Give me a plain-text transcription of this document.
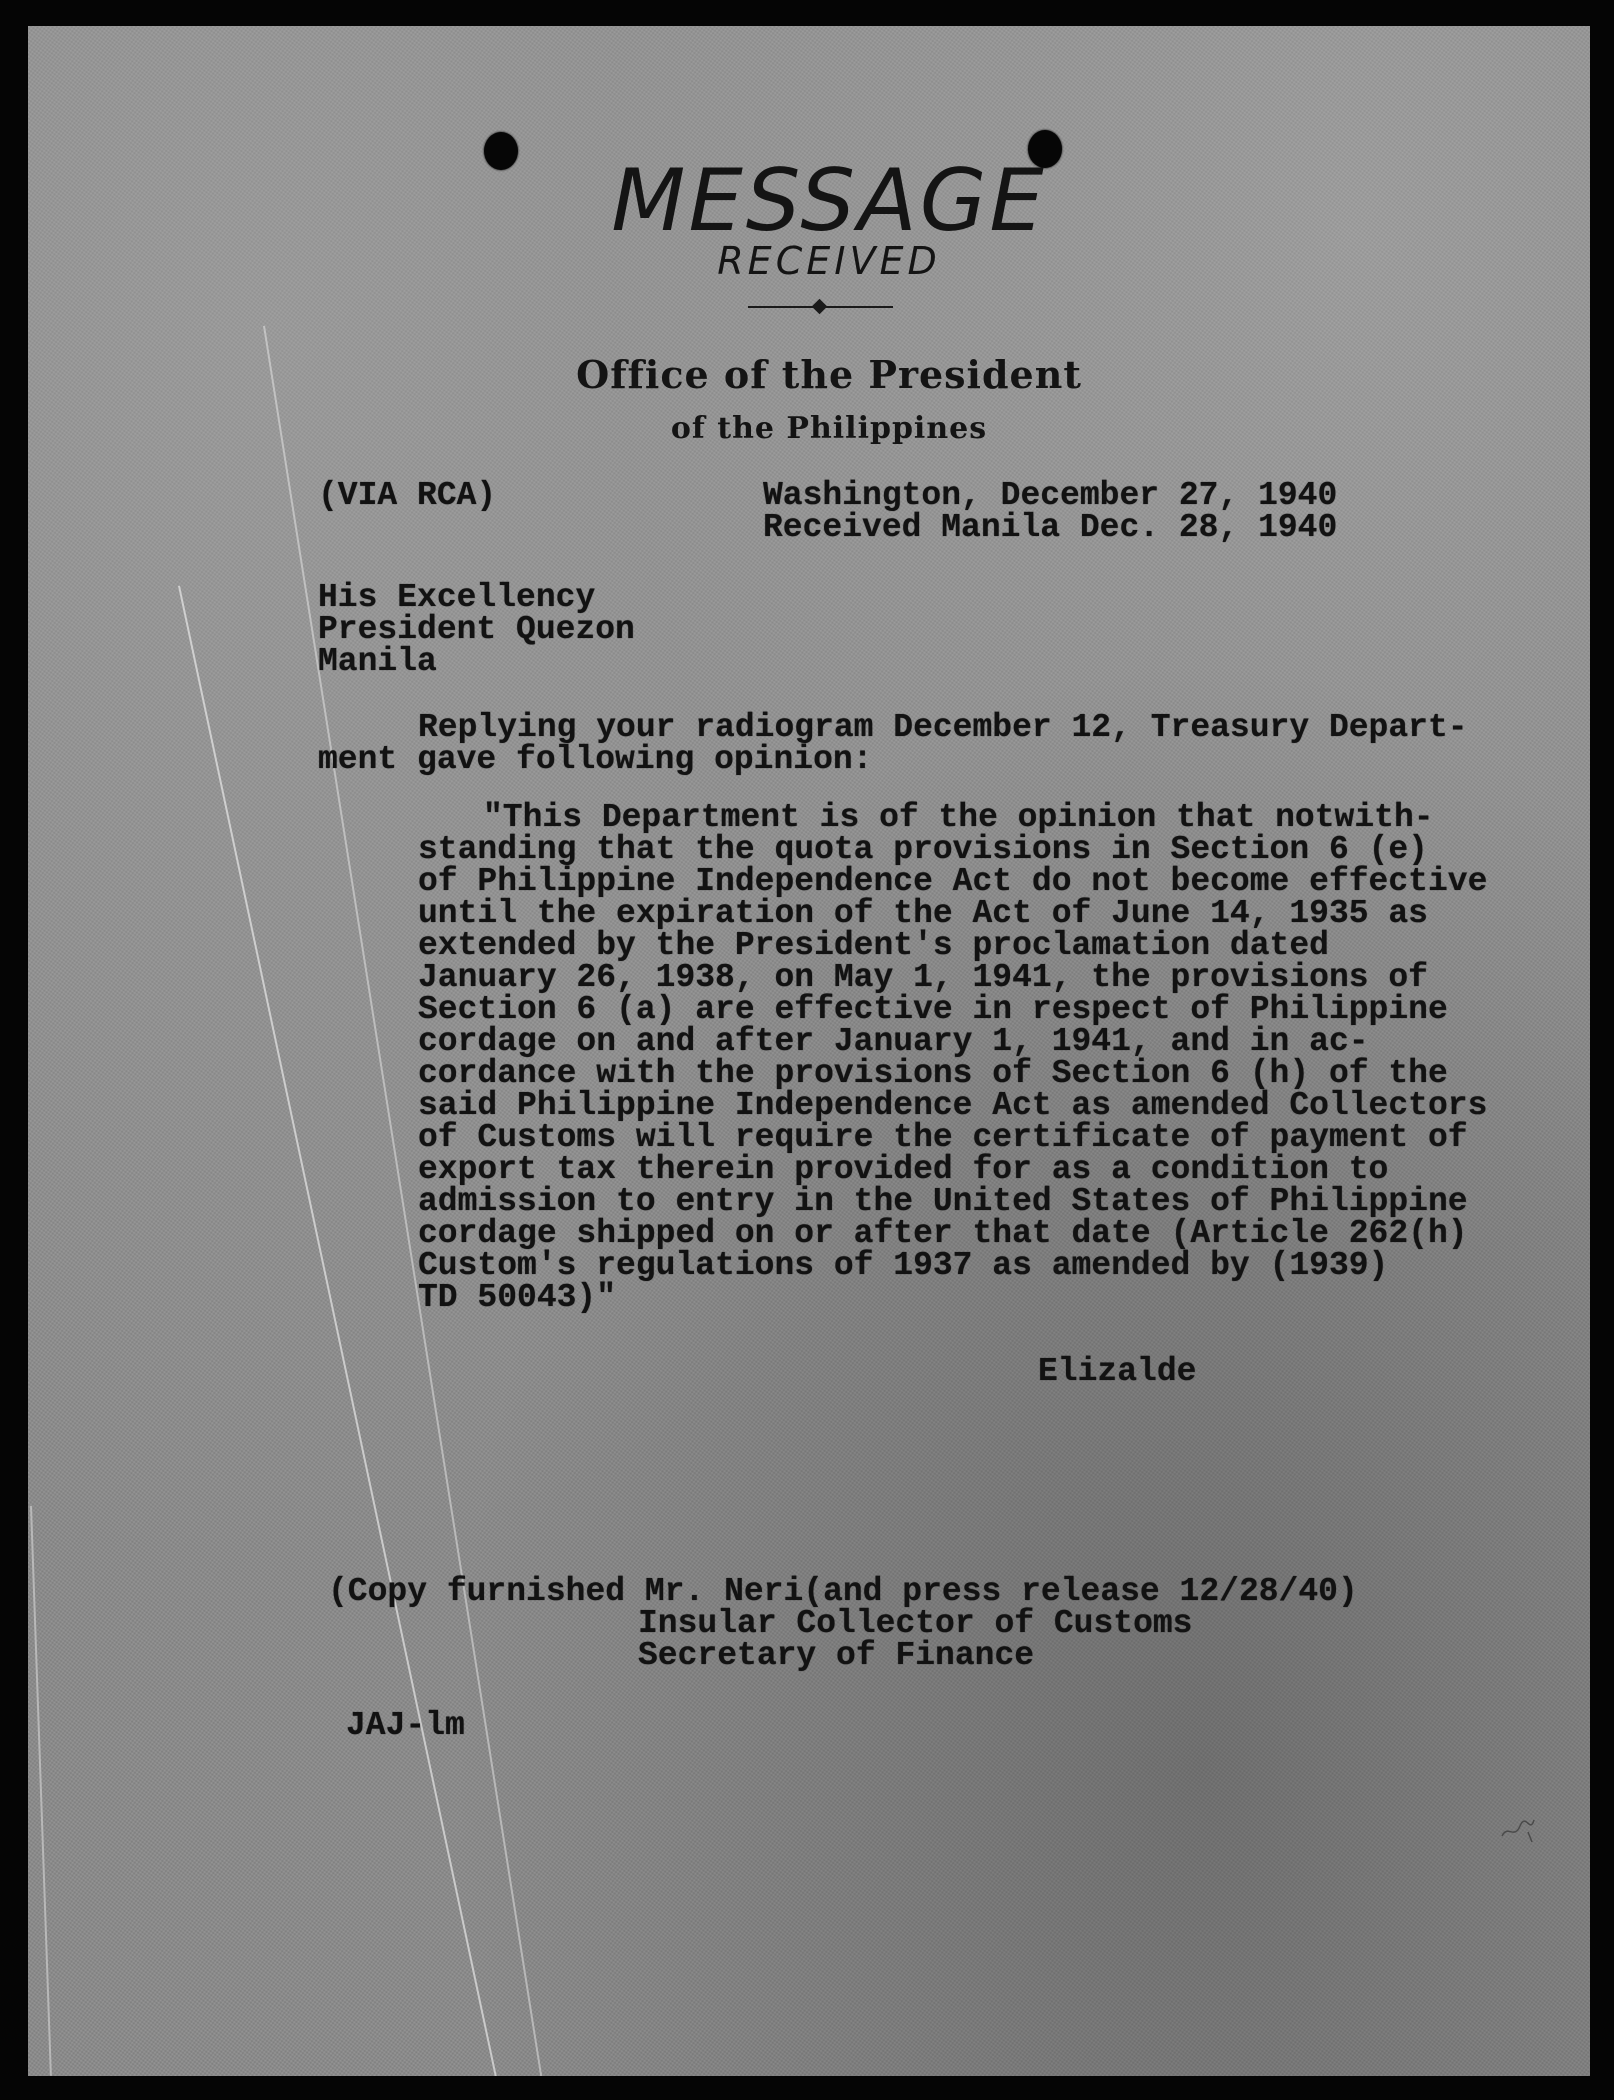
MESSAGE
RECEIVED
Office of the President
of the Philippines
(VIA RCA)	Washington, December 27, 1940
Received Manila Dec. 28, 1940
His Excellency
President Quezon
Manila
Replying your radiogram December 12, Treasury Depart-
ment gave following opinion:
"This Department is of the opinion that notwith-
standing that the quota provisions in Section 6 (e)
of Philippine Independence Act do not become effective
until the expiration of the Act of June 14, 1935 as
extended by the President's proclamation dated
January 26, 1938, on May 1, 1941, the provisions of
Section 6 (a) are effective in respect of Philippine
cordage on and after January 1, 1941, and in ac-
cordance with the provisions of Section 6 (h) of the
said Philippine Independence Act as amended Collectors
of Customs will require the certificate of payment of
export tax therein provided for as a condition to
admission to entry in the United States of Philippine
cordage shipped on or after that date (Article 262(h)
Custom's regulations of 1937 as amended by (1939)
TD 50043)"
Elizalde
(Copy furnished Mr. Neri(and press release 12/28/40)
Insular Collector of Customs
Secretary of Finance
JAJ-lm
